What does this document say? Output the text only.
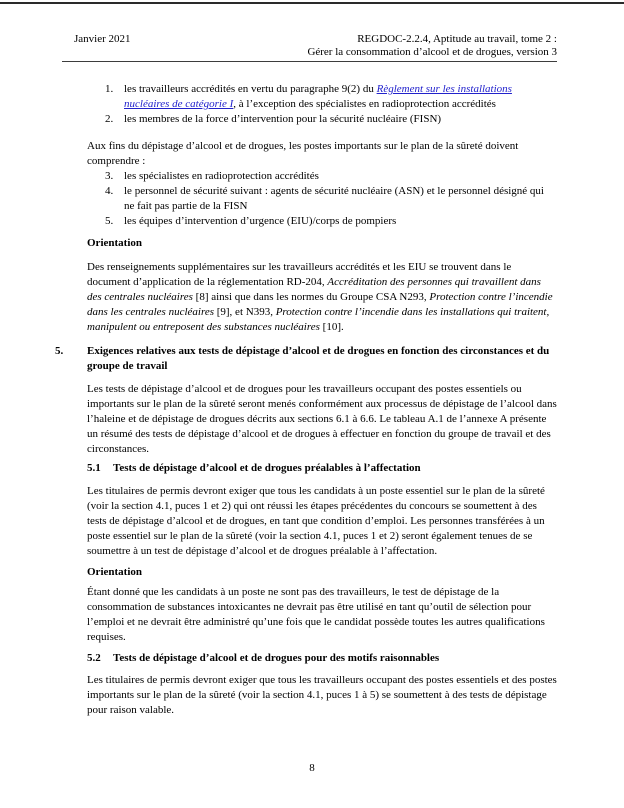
Janvier 2021	REGDOC-2.2.4, Aptitude au travail, tome 2 :
Gérer la consommation d’alcool et de drogues, version 3
1. les travailleurs accrédités en vertu du paragraphe 9(2) du Règlement sur les installations nucléaires de catégorie I, à l’exception des spécialistes en radioprotection accrédités
2. les membres de la force d’intervention pour la sécurité nucléaire (FISN)

Aux fins du dépistage d’alcool et de drogues, les postes importants sur le plan de la sûreté doivent comprendre :

3. les spécialistes en radioprotection accrédités
4. le personnel de sécurité suivant : agents de sécurité nucléaire (ASN) et le personnel désigné qui ne fait pas partie de la FISN
5. les équipes d’intervention d’urgence (EIU)/corps de pompiers

Orientation

Des renseignements supplémentaires sur les travailleurs accrédités et les EIU se trouvent dans le document d’application de la réglementation RD-204, Accréditation des personnes qui travaillent dans des centrales nucléaires [8] ainsi que dans les normes du Groupe CSA N293, Protection contre l’incendie dans les centrales nucléaires [9], et N393, Protection contre l’incendie dans les installations qui traitent, manipulent ou entreposent des substances nucléaires [10].

5.	Exigences relatives aux tests de dépistage d’alcool et de drogues en fonction des circonstances et du groupe de travail

Les tests de dépistage d’alcool et de drogues pour les travailleurs occupant des postes essentiels ou importants sur le plan de la sûreté seront menés conformément aux processus de dépistage de l’alcool dans l’haleine et de dépistage de drogues décrits aux sections 6.1 à 6.6. Le tableau A.1 de l’annexe A présente un résumé des tests de dépistage d’alcool et de drogues à effectuer en fonction du groupe de travail et des circonstances.

5.1	Tests de dépistage d’alcool et de drogues préalables à l’affectation

Les titulaires de permis devront exiger que tous les candidats à un poste essentiel sur le plan de la sûreté (voir la section 4.1, puces 1 et 2) qui ont réussi les étapes précédentes du concours se soumettent à des tests de dépistage d’alcool et de drogues, en tant que condition d’emploi. Les personnes transférées à un poste essentiel sur le plan de la sûreté (voir la section 4.1, puces 1 et 2) seront également tenues de se soumettre à un test de dépistage d’alcool et de drogues préalable à l’affectation.

Orientation

Étant donné que les candidats à un poste ne sont pas des travailleurs, le test de dépistage de la consommation de substances intoxicantes ne devrait pas être utilisé en tant qu’outil de sélection pour l’emploi et ne devrait être administré qu’une fois que le candidat possède toutes les autres qualifications requises.

5.2	Tests de dépistage d’alcool et de drogues pour des motifs raisonnables

Les titulaires de permis devront exiger que tous les travailleurs occupant des postes essentiels et des postes importants sur le plan de la sûreté (voir la section 4.1, puces 1 à 5) se soumettent à des tests de dépistage pour raison valable.

8
